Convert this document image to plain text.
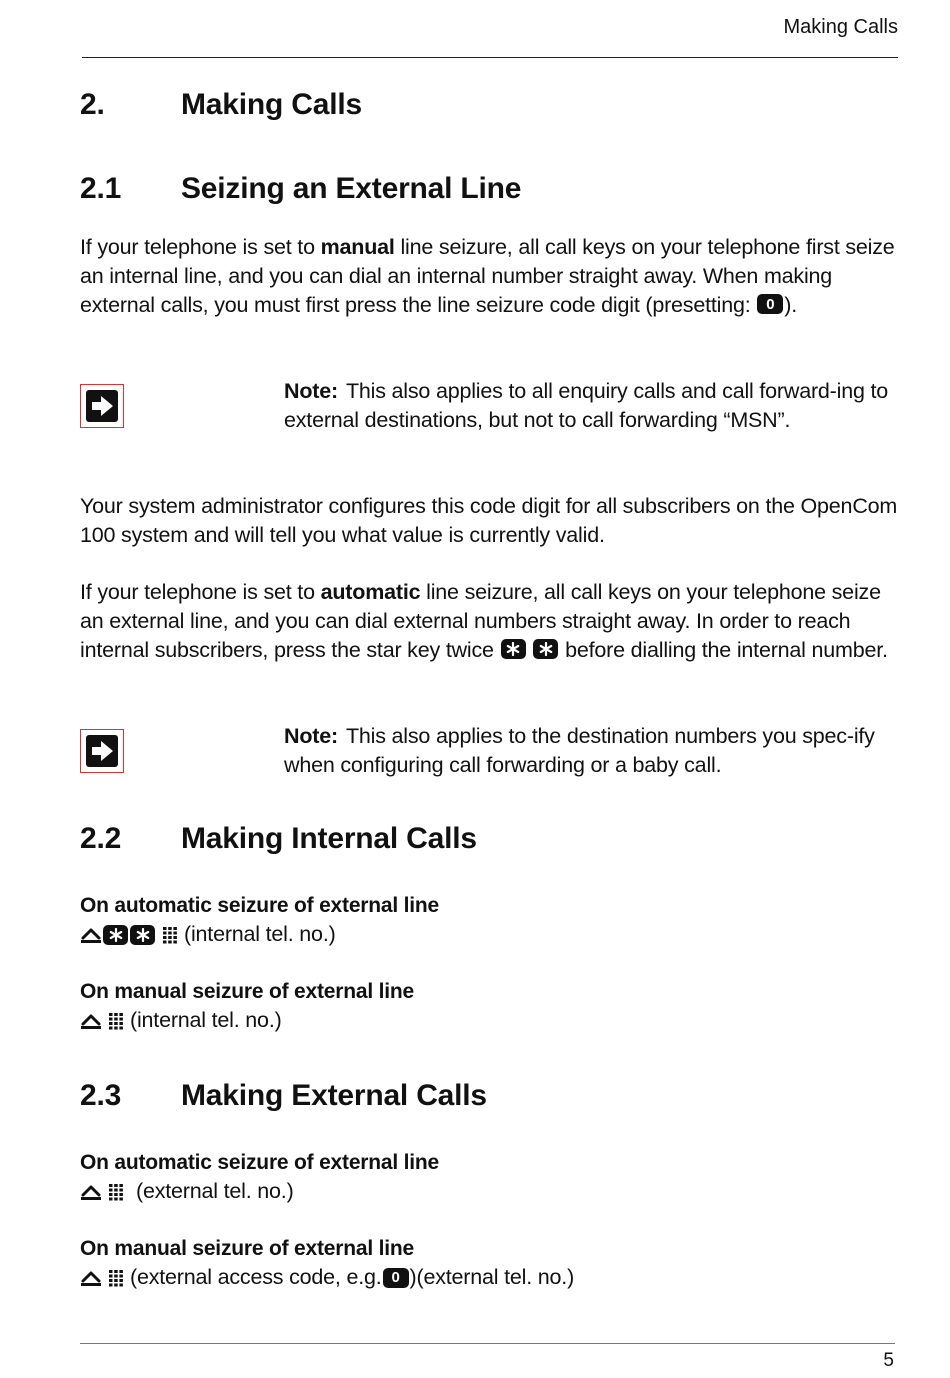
Making Calls
2.	Making Calls
2.1	Seizing an External Line

If your telephone is set to manual line seizure, all call keys on your telephone first seize an internal line, and you can dial an internal number straight away. When making external calls, you must first press the line seizure code digit (presetting: 0 ).

Note: This also applies to all enquiry calls and call forward-ing to external destinations, but not to call forwarding “MSN”.

Your system administrator configures this code digit for all subscribers on the OpenCom 100 system and will tell you what value is currently valid.

If your telephone is set to automatic line seizure, all call keys on your telephone seize an external line, and you can dial external numbers straight away. In order to reach internal subscribers, press the star key twice
	before dialling the internal number.

Note: This also applies to the destination numbers you spec-ify when configuring call forwarding or a baby call.

2.2	Making Internal Calls
On automatic seizure of external line
(internal tel. no.)
On manual seizure of external line
(internal tel. no.)
2.3	Making External Calls
On automatic seizure of external line
(external tel. no.)
On manual seizure of external line
(external access code, e.g. 0 )(external tel. no.)
5
